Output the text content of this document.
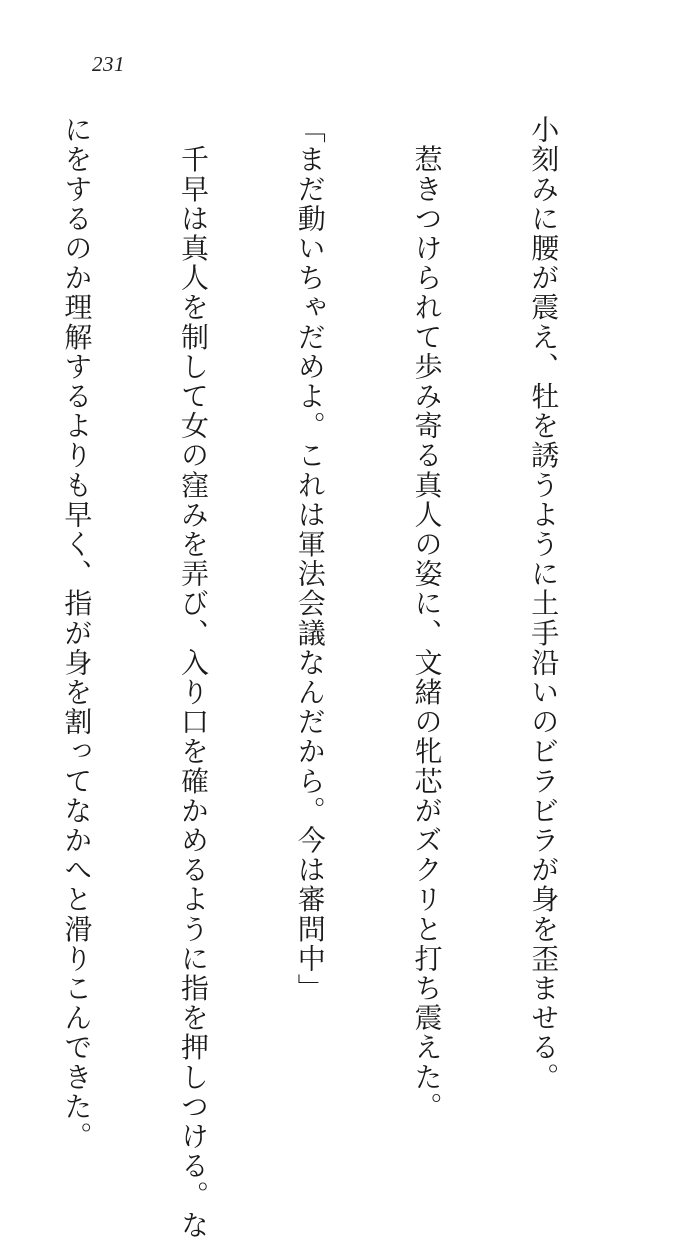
231

小刻みに腰が震え、牡を誘うように土手沿いのビラビラが身を歪ませる。

　惹きつけられて歩み寄る真人の姿に、文緒の牝芯がズクリと打ち震えた。

「まだ動いちゃだめよ。これは軍法会議なんだから。今は審問中」

　千早は真人を制して女の窪みを弄び、入り口を確かめるように指を押しつける。な

にをするのか理解するよりも早く、指が身を割ってなかへと滑りこんできた。
